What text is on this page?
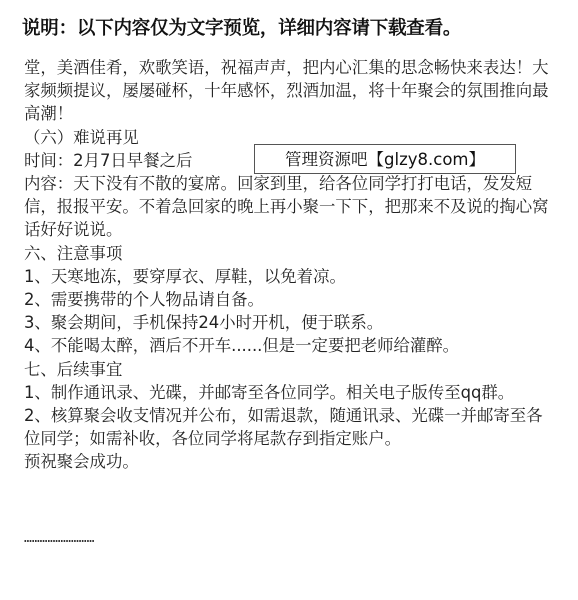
说明：以下内容仅为文字预览，详细内容请下载查看。

堂，美酒佳肴，欢歌笑语，祝福声声，把内心汇集的思念畅快来表达！大家频频提议，屡屡碰杯，十年感怀，烈酒加温，将十年聚会的氛围推向最高潮！

（六）难说再见

时间：2月7日早餐之后

内容：天下没有不散的宴席。回家到里，给各位同学打打电话，发发短信，报报平安。不着急回家的晚上再小聚一下下，把那来不及说的掏心窝话好好说说。

六、注意事项

1、天寒地冻，要穿厚衣、厚鞋，以免着凉。

2、需要携带的个人物品请自备。

3、聚会期间，手机保持24小时开机，便于联系。

4、不能喝太醉，酒后不开车......但是一定要把老师给灌醉。

七、后续事宜

1、制作通讯录、光碟，并邮寄至各位同学。相关电子版传至qq群。

2、核算聚会收支情况并公布，如需退款，随通讯录、光碟一并邮寄至各位同学；如需补收，各位同学将尾款存到指定账户。

预祝聚会成功。

管理资源吧【glzy8.com】
………………………
